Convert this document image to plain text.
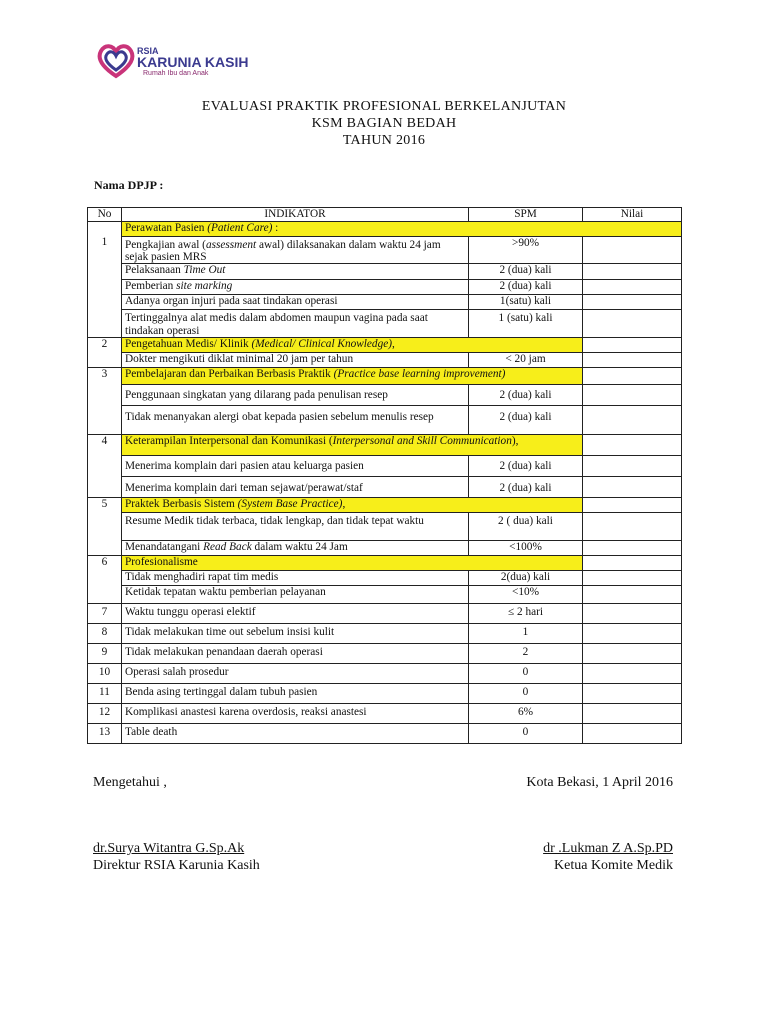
RSIA
KARUNIA KASIH
Rumah Ibu dan Anak
EVALUASI PRAKTIK PROFESIONAL BERKELANJUTAN
KSM BAGIAN BEDAH
TAHUN 2016
Nama DPJP :
No	INDIKATOR	SPM	Nilai
1	Perawatan Pasien (Patient Care) :		
	Pengkajian awal (assessment awal) dilaksanakan dalam waktu 24 jam sejak pasien MRS	>90%	
	Pelaksanaan Time Out	2 (dua) kali	
	Pemberian site marking	2 (dua) kali	
	Adanya organ injuri pada saat tindakan operasi	1(satu) kali	
	Tertinggalnya alat medis dalam abdomen maupun vagina pada saat tindakan operasi	1 (satu) kali	
2	Pengetahuan Medis/ Klinik (Medical/ Clinical Knowledge),		
	Dokter mengikuti diklat minimal 20 jam per tahun	< 20 jam	
3	Pembelajaran dan Perbaikan Berbasis Praktik (Practice base learning improvement)		
	Penggunaan singkatan yang dilarang pada penulisan resep	2 (dua) kali	
	Tidak menanyakan alergi obat kepada pasien sebelum menulis resep	2 (dua) kali	
4	Keterampilan Interpersonal dan Komunikasi (Interpersonal and Skill Communication),		
	Menerima komplain dari pasien atau keluarga pasien	2 (dua) kali	
	Menerima komplain dari teman sejawat/perawat/staf	2 (dua) kali	
5	Praktek Berbasis Sistem (System Base Practice),		
	Resume Medik tidak terbaca, tidak lengkap, dan tidak tepat waktu	2 ( dua) kali	
	Menandatangani Read Back dalam waktu 24 Jam	<100%	
6	Profesionalisme		
	Tidak menghadiri rapat tim medis	2(dua) kali	
	Ketidak tepatan waktu pemberian pelayanan	<10%	
7	Waktu tunggu operasi elektif	≤ 2 hari	
8	Tidak melakukan time out sebelum insisi kulit	1	
9	Tidak melakukan penandaan daerah operasi	2	
10	Operasi salah prosedur	0	
11	Benda asing tertinggal dalam tubuh pasien	0	
12	Komplikasi anastesi karena overdosis, reaksi anastesi	6%	
13	Table death	0	
Mengetahui ,	Kota Bekasi, 1 April 2016
dr.Surya Witantra G.Sp.Ak
Direktur RSIA Karunia Kasih
dr .Lukman Z A.Sp.PD
Ketua Komite Medik
